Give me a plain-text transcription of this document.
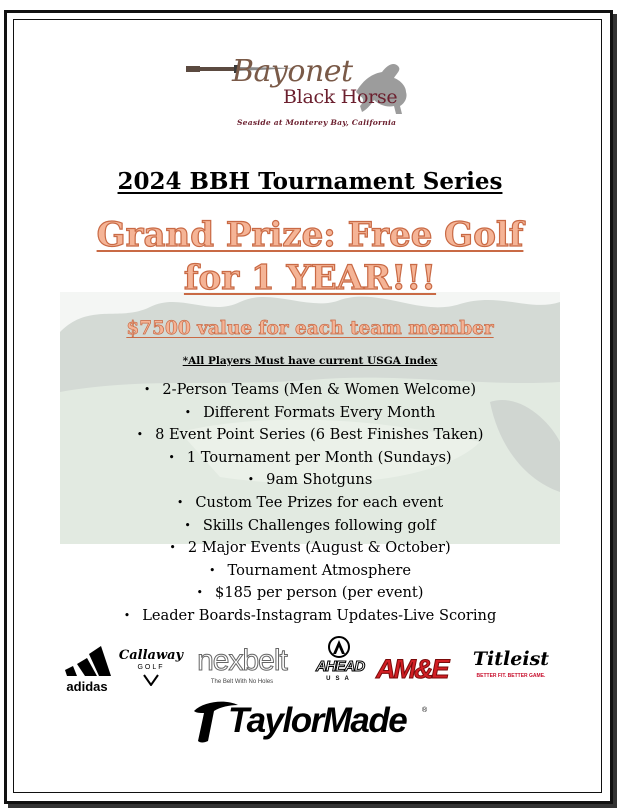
Bayonet
Black Horse
Seaside at Monterey Bay, California
2024 BBH Tournament Series
Grand Prize: Free Golf
for 1 YEAR!!!
$7500 value for each team member
*All Players Must have current USGA Index
• 2-Person Teams (Men & Women Welcome)
• Different Formats Every Month
• 8 Event Point Series (6 Best Finishes Taken)
• 1 Tournament per Month (Sundays)
• 9am Shotguns
• Custom Tee Prizes for each event
• Skills Challenges following golf
• 2 Major Events (August & October)
• Tournament Atmosphere
• $185 per person (per event)
• Leader Boards-Instagram Updates-Live Scoring
adidas
Callaway
GOLF	nexbelt
The Belt With No Holes
AHEAD
USA AM&E	Titleist
BETTER FIT. BETTER GAME.
TaylorMade ®
